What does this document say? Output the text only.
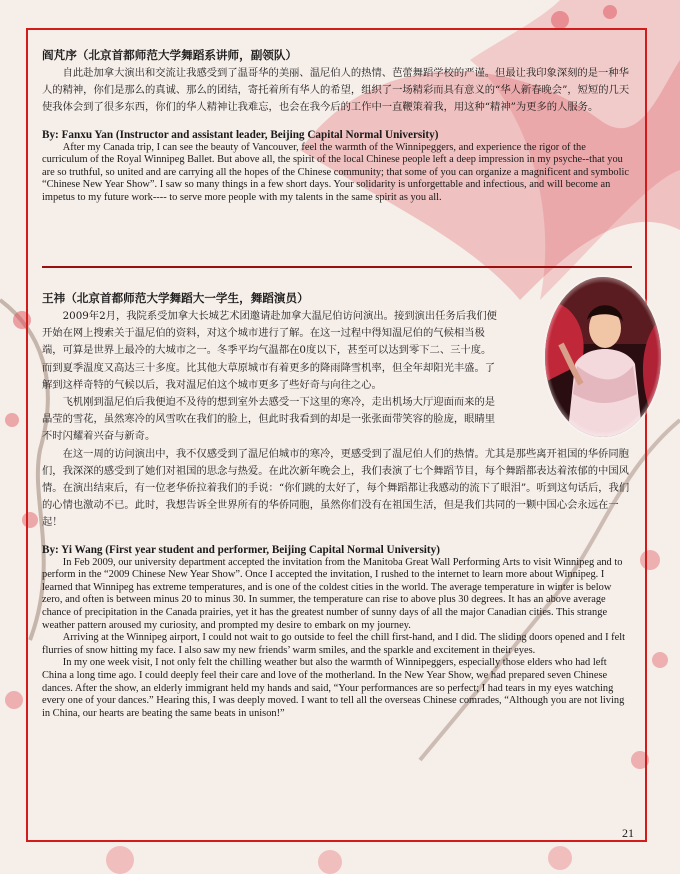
阎芃序（北京首都师范大学舞蹈系讲师，副领队）

自此赴加拿大演出和交流让我感受到了温哥华的美丽、温尼伯人的热情、芭蕾舞蹈学校的严谨。但最让我印象深刻的是一种华人的精神，你们是那么的真诚、那么的团结，寄托着所有华人的希望，组织了一场精彩而具有意义的“华人新春晚会”，短短的几天使我体会到了很多东西，你们的华人精神让我难忘，也会在我今后的工作中一直鞭策着我，用这种“精神”为更多的人服务。

By: Fanxu Yan (Instructor and assistant leader, Beijing Capital Normal University)

After my Canada trip, I can see the beauty of Vancouver, feel the warmth of the Winnipeggers, and experience the rigor of the curriculum of the Royal Winnipeg Ballet. But above all, the spirit of the local Chinese people left a deep impression in my psyche--that you are so truthful, so united and are carrying all the hopes of the Chinese community; that some of you can organize a magnificent and symbolic “Chinese New Year Show”. I saw so many things in a few short days. Your solidarity is unforgettable and infectious, and will become an impetus to my future work---- to serve more people with my talents in the same spirit as you all.

王祎（北京首都师范大学舞蹈大一学生，舞蹈演员）

2009年2月，我院系受加拿大长城艺术团邀请赴加拿大温尼伯访问演出。接到演出任务后我们便开始在网上搜索关于温尼伯的资料，对这个城市进行了解。在这一过程中得知温尼伯的气候相当极端，可算是世界上最冷的大城市之一。冬季平均气温都在0度以下，甚至可以达到零下二、三十度。而到夏季温度又高达三十多度。比其他大草原城市有着更多的降雨降雪机率，但全年却阳光丰盛。了解到这样奇特的气候以后，我对温尼伯这个城市更多了些好奇与向往之心。

飞机刚到温尼伯后我便迫不及待的想到室外去感受一下这里的寒冷，走出机场大厅迎面而来的是晶莹的雪花，虽然寒冷的风雪吹在我们的脸上，但此时我看到的却是一张张面带笑容的脸庞，眼睛里不时闪耀着兴奋与新奇。

在这一周的访问演出中，我不仅感受到了温尼伯城市的寒冷，更感受到了温尼伯人们的热情。尤其是那些离开祖国的华侨同胞们，我深深的感受到了她们对祖国的思念与热爱。在此次新年晚会上，我们表演了七个舞蹈节目，每个舞蹈都表达着浓郁的中国风情。在演出结束后，有一位老华侨拉着我们的手说：“你们跳的太好了，每个舞蹈都让我感动的流下了眼泪”。听到这句话后，我们的心情也激动不已。此时，我想告诉全世界所有的华侨同胞，虽然你们没有在祖国生活，但是我们共同的一颗中国心会永远在一起！

By: Yi Wang (First year student and performer, Beijing Capital Normal University)

In Feb 2009, our university department accepted the invitation from the Manitoba Great Wall Performing Arts to visit Winnipeg and to perform in the “2009 Chinese New Year Show”. Once I accepted the invitation, I rushed to the internet to learn more about Winnipeg. I learned that Winnipeg has extreme temperatures, and is one of the coldest cities in the world. The average temperature in winter is below zero, and often is between minus 20 to minus 30. In summer, the temperature can rise to above plus 30 degrees. It has an above average chance of precipitation in the Canada prairies, yet it has the greatest number of sunny days of all the major Canadian cities. This strange weather pattern aroused my curiosity, and prompted my desire to embark on my journey.

Arriving at the Winnipeg airport, I could not wait to go outside to feel the chill first-hand, and I did. The sliding doors opened and I felt flurries of snow hitting my face. I also saw my new friends’ warm smiles, and the sparkle and excitement in their eyes.

In my one week visit, I not only felt the chilling weather but also the warmth of Winnipeggers, especially those elders who had left China a long time ago. I could deeply feel their care and love of the motherland. In the New Year Show, we had prepared seven Chinese dances. After the show, an elderly immigrant held my hands and said, “Your performances are so perfect; I had tears in my eyes watching every one of your dances.” Hearing this, I was deeply moved. I want to tell all the overseas Chinese comrades, “Although you are not living in China, our hearts are beating the same beats in unison!”

21
